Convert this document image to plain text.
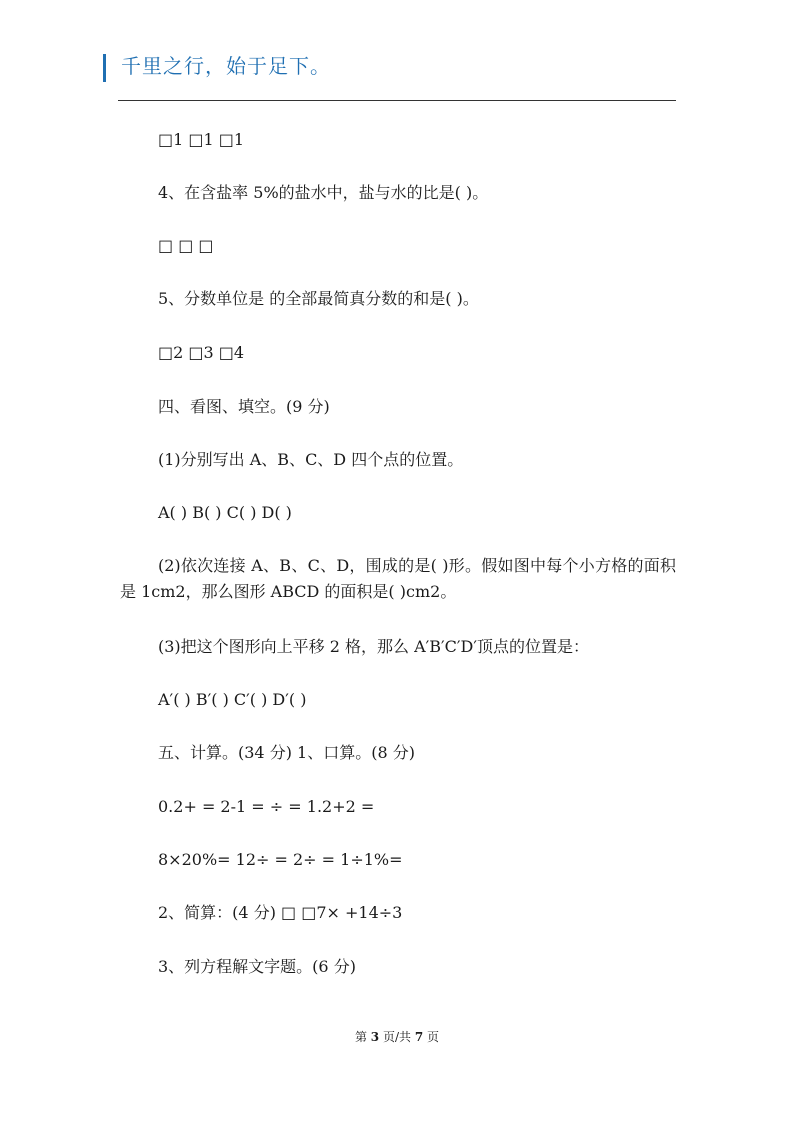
千里之行，始于足下。
□1 □1 □1
4、在含盐率 5%的盐水中，盐与水的比是( )。
□ □ □
5、分数单位是 的全部最简真分数的和是( )。
□2 □3 □4
四、看图、填空。(9 分)
(1)分别写出 A、B、C、D 四个点的位置。
A( ) B( ) C( ) D( )
(2)依次连接 A、B、C、D，围成的是( )形。假如图中每个小方格的面积是 1cm2，那么图形 ABCD 的面积是( )cm2。
(3)把这个图形向上平移 2 格，那么 A′B′C′D′顶点的位置是：
A′( ) B′( ) C′( ) D′( )
五、计算。(34 分) 1、口算。(8 分)
0.2+ = 2-1 = ÷ = 1.2+2 =
8×20%= 12÷ = 2÷ = 1÷1%=
2、简算：(4 分) □ □7× +14÷3
3、列方程解文字题。(6 分)
第 3 页/共 7 页
